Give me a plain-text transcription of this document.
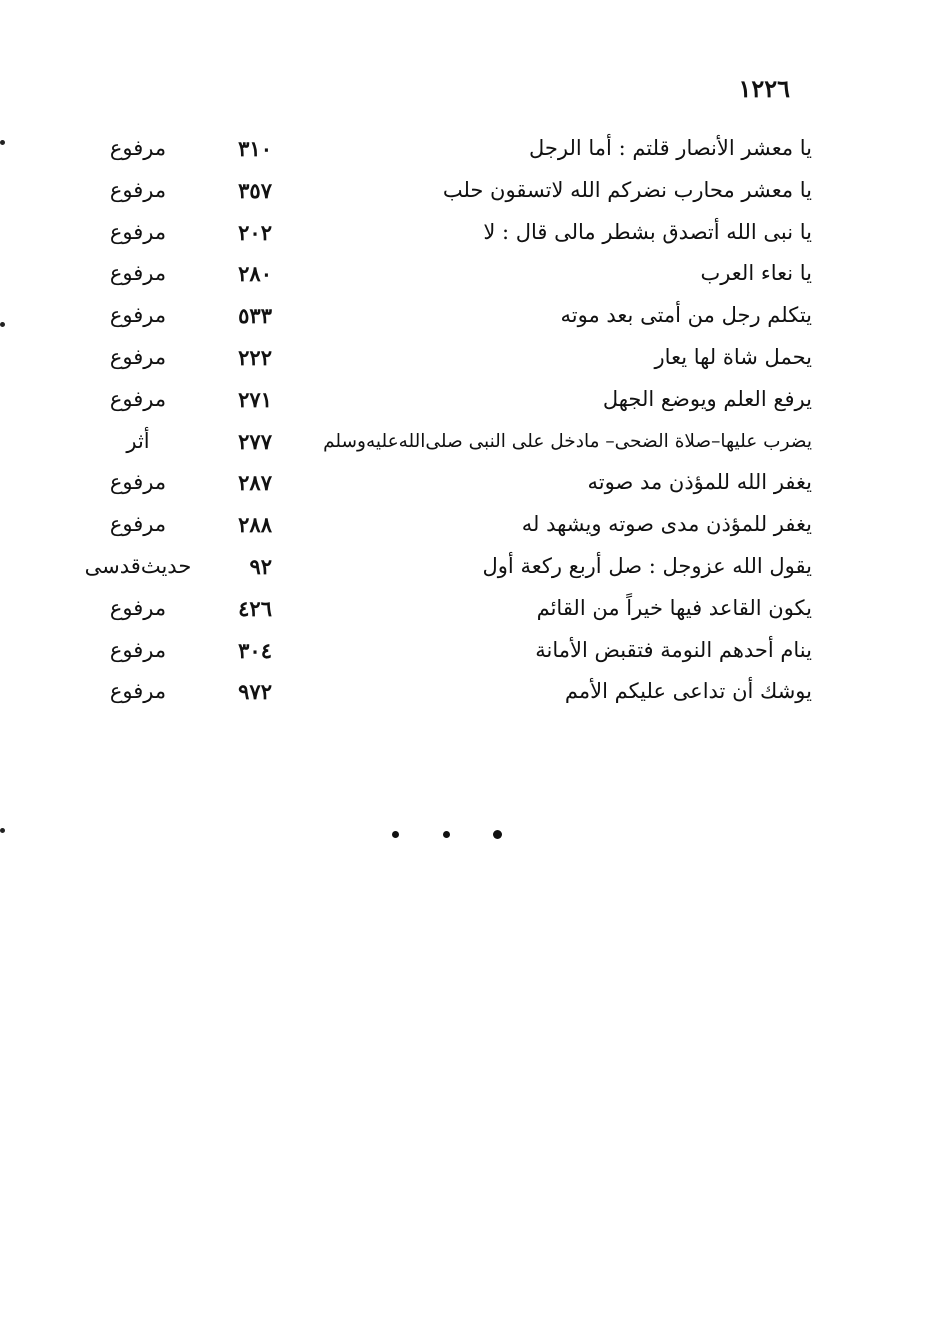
١٢٢٦
يا معشر الأنصار قلتم : أما الرجل
٣١٠
مرفوع
يا معشر محارب نضركم الله لاتسقون حلب
٣٥٧
مرفوع
يا نبى الله أتصدق بشطر مالى قال : لا
٢٠٢
مرفوع
يا نعاء العرب
٢٨٠
مرفوع
يتكلم رجل من أمتى بعد موته
٥٣٣
مرفوع
يحمل شاة لها يعار
٢٢٢
مرفوع
يرفع العلم ويوضع الجهل
٢٧١
مرفوع
يضرب عليها–صلاة الضحى– مادخل على النبى صلى‌الله‌عليه‌وسلم
٢٧٧
أثر
يغفر الله للمؤذن مد صوته
٢٨٧
مرفوع
يغفر للمؤذن مدى صوته ويشهد له
٢٨٨
مرفوع
يقول الله عزوجل : صل أربع ركعة أول
٩٢
حديث‌قدسى
يكون القاعد فيها خيراً من القائم
٤٢٦
مرفوع
ينام أحدهم النومة فتقبض الأمانة
٣٠٤
مرفوع
يوشك أن تداعى عليكم الأمم
٩٧٢
مرفوع
